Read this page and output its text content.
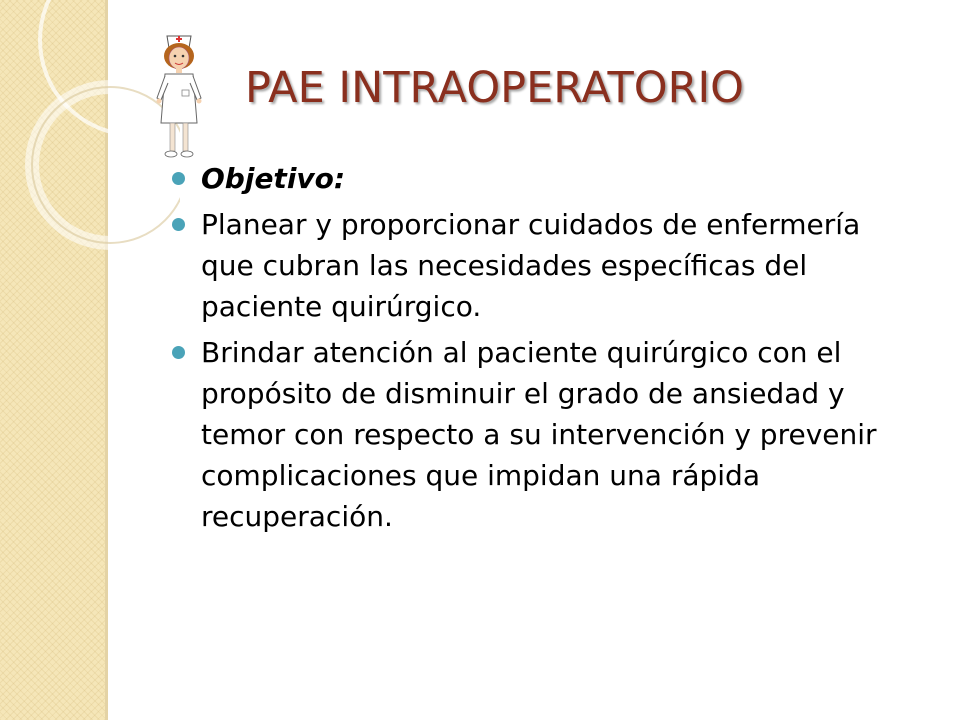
PAE INTRAOPERATORIO
Objetivo:
Planear y proporcionar cuidados de enfermería que cubran las necesidades específicas del paciente quirúrgico.
Brindar atención al paciente quirúrgico con el propósito de disminuir el grado de ansiedad y temor con respecto a su intervención y prevenir complicaciones que impidan una rápida recuperación.
